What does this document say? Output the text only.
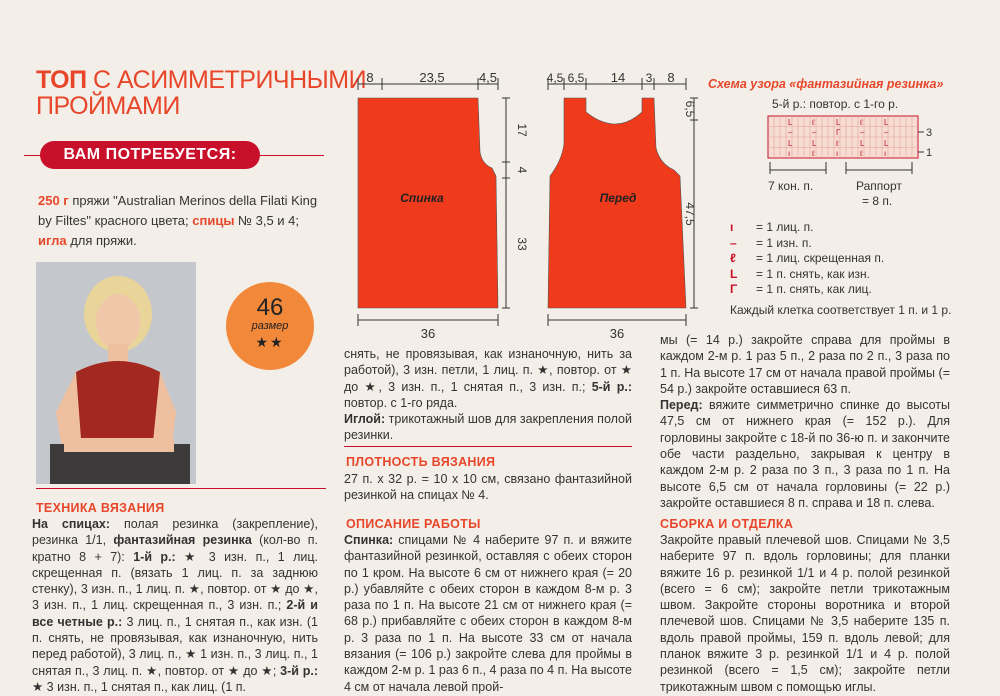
ТОП С АСИММЕТРИЧНЫМИ
ПРОЙМАМИ
ВАМ ПОТРЕБУЕТСЯ:
250 г пряжи "Australian Merinos della Filati King by Filtes" красного цвета; спицы № 3,5 и 4; игла для пряжи.
46
размер
★★
ТЕХНИКА ВЯЗАНИЯ
На спицах: полая резинка (закрепление), резинка 1/1, фантазийная резинка (кол-во п. кратно 8 + 7): 1-й р.: ★ 3 изн. п., 1 лиц. скрещенная п. (вязать 1 лиц. п. за заднюю стенку), 3 изн. п., 1 лиц. п. ★, повтор. от ★ до ★, 3 изн. п., 1 лиц. скрещенная п., 3 изн. п.; 2-й и все четные р.: 3 лиц. п., 1 снятая п., как изн. (1 п. снять, не провязывая, как изнаночную, нить перед работой), 3 лиц. п., ★ 1 изн. п., 3 лиц. п., 1 снятая п., 3 лиц. п. ★, повтор. от ★ до ★; 3-й р.: ★ 3 изн. п., 1 снятая п., как лиц. (1 п.
8	23,5	4,5
Спинка
17
4
33
36
4,5 6,5 14 3 8
Перед
6,5
47,5
36
Схема узора «фантазийная резинка»
5-й р.: повтор. с 1-го р.
L ℓ	L ℓ	L
– – Γ – –
L L ℓ	L L
ı	ℓ	ı	ℓ	ı
3
1
7 кон. п.	Раппорт
= 8 п.
ı = 1 лиц. п.
– = 1 изн. п.
ℓ = 1 лиц. скрещенная п.
L = 1 п. снять, как изн.
Γ = 1 п. снять, как лиц.
Каждый клетка соответствует 1 п. и 1 р.
снять, не провязывая, как изнаночную, нить за работой), 3 изн. петли, 1 лиц. п. ★, повтор. от ★ до ★, 3 изн. п., 1 снятая п., 3 изн. п.; 5-й р.: повтор. с 1-го ряда.
Иглой: трикотажный шов для закрепления полой резинки.
ПЛОТНОСТЬ ВЯЗАНИЯ
27 п. х 32 р. = 10 х 10 см, связано фантазийной резинкой на спицах № 4.
ОПИСАНИЕ РАБОТЫ
Спинка: спицами № 4 наберите 97 п. и вяжите фантазийной резинкой, оставляя с обеих сторон по 1 кром. На высоте 6 см от нижнего края (= 20 р.) убавляйте с обеих сторон в каждом 8-м р. 3 раза по 1 п. На высоте 21 см от нижнего края (= 68 р.) прибавляйте с обеих сторон в каждом 8-м р. 3 раза по 1 п. На высоте 33 см от начала вязания (= 106 р.) закройте слева для проймы в каждом 2-м р. 1 раз 6 п., 4 раза по 4 п. На высоте 4 см от начала левой прой-
мы (= 14 р.) закройте справа для проймы в каждом 2-м р. 1 раз 5 п., 2 раза по 2 п., 3 раза по 1 п. На высоте 17 см от начала правой проймы (= 54 р.) закройте оставшиеся 63 п.
Перед: вяжите симметрично спинке до высоты 47,5 см от нижнего края (= 152 р.). Для горловины закройте с 18-й по 36-ю п. и закончите обе части раздельно, закрывая к центру в каждом 2-м р. 2 раза по 3 п., 3 раза по 1 п. На высоте 6,5 см от начала горловины (= 22 р.) закройте оставшиеся 8 п. справа и 18 п. слева.
СБОРКА И ОТДЕЛКА
Закройте правый плечевой шов. Спицами № 3,5 наберите 97 п. вдоль горловины; для планки вяжите 16 р. резинкой 1/1 и 4 р. полой резинкой (всего = 6 см); закройте петли трикотажным швом. Закройте стороны воротника и второй плечевой шов. Спицами № 3,5 наберите 135 п. вдоль правой проймы, 159 п. вдоль левой; для планок вяжите 3 р. резинкой 1/1 и 4 р. полой резинкой (всего = 1,5 см); закройте петли трикотажным швом с помощью иглы.
